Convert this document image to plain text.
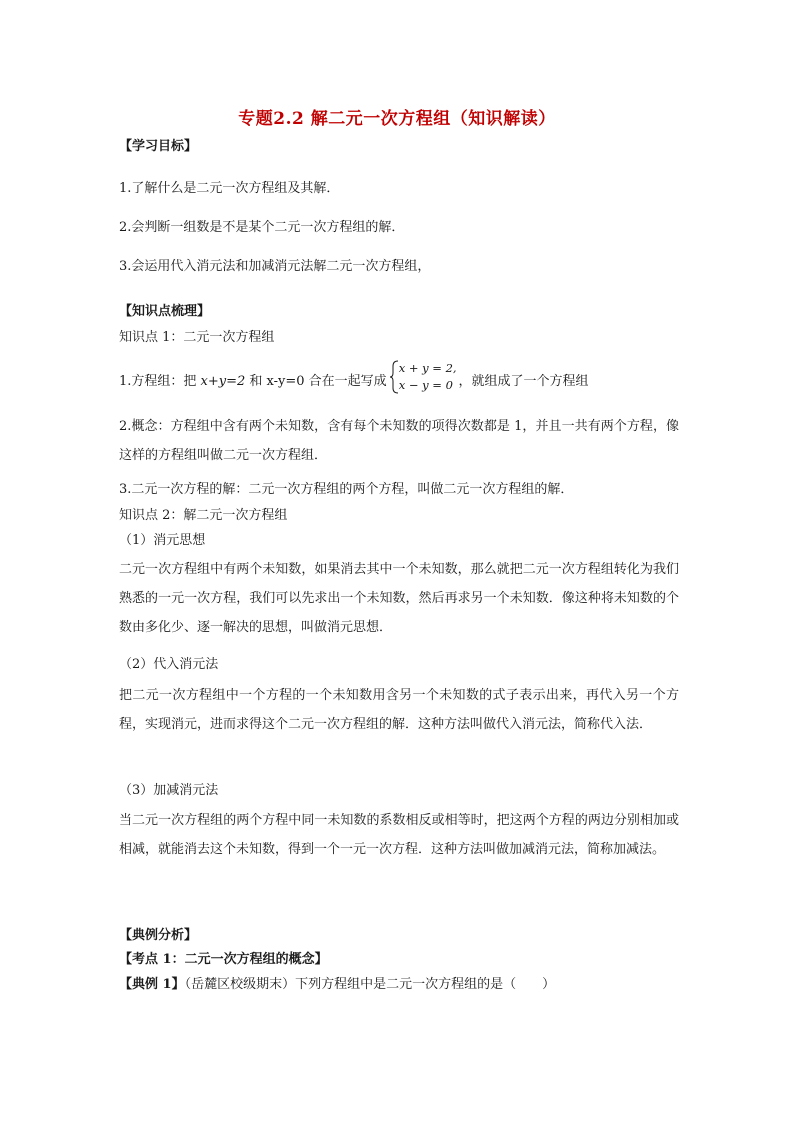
专题2.2 解二元一次方程组（知识解读）
【学习目标】
1.了解什么是二元一次方程组及其解．
2.会判断一组数是不是某个二元一次方程组的解．
3.会运用代入消元法和加减消元法解二元一次方程组，
【知识点梳理】
知识点 1：二元一次方程组
1.方程组：把 x+y=2 和 x-y=0 合在一起写成
x + y = 2,
x − y = 0 ，就组成了一个方程组
2.概念：方程组中含有两个未知数，含有每个未知数的项得次数都是 1，并且一共有两个方程，像这样的方程组叫做二元一次方程组．
3.二元一次方程的解：二元一次方程组的两个方程，叫做二元一次方程组的解．
知识点 2：解二元一次方程组
（1）消元思想
二元一次方程组中有两个未知数，如果消去其中一个未知数，那么就把二元一次方程组转化为我们熟悉的一元一次方程，我们可以先求出一个未知数，然后再求另一个未知数．像这种将未知数的个数由多化少、逐一解决的思想，叫做消元思想．
（2）代入消元法
把二元一次方程组中一个方程的一个未知数用含另一个未知数的式子表示出来，再代入另一个方程，实现消元，进而求得这个二元一次方程组的解．这种方法叫做代入消元法，简称代入法．
（3）加减消元法
当二元一次方程组的两个方程中同一未知数的系数相反或相等时，把这两个方程的两边分别相加或相减，就能消去这个未知数，得到一个一元一次方程．这种方法叫做加减消元法，简称加减法。
【典例分析】
【考点 1：二元一次方程组的概念】
【典例 1】（岳麓区校级期末）下列方程组中是二元一次方程组的是（　　）
